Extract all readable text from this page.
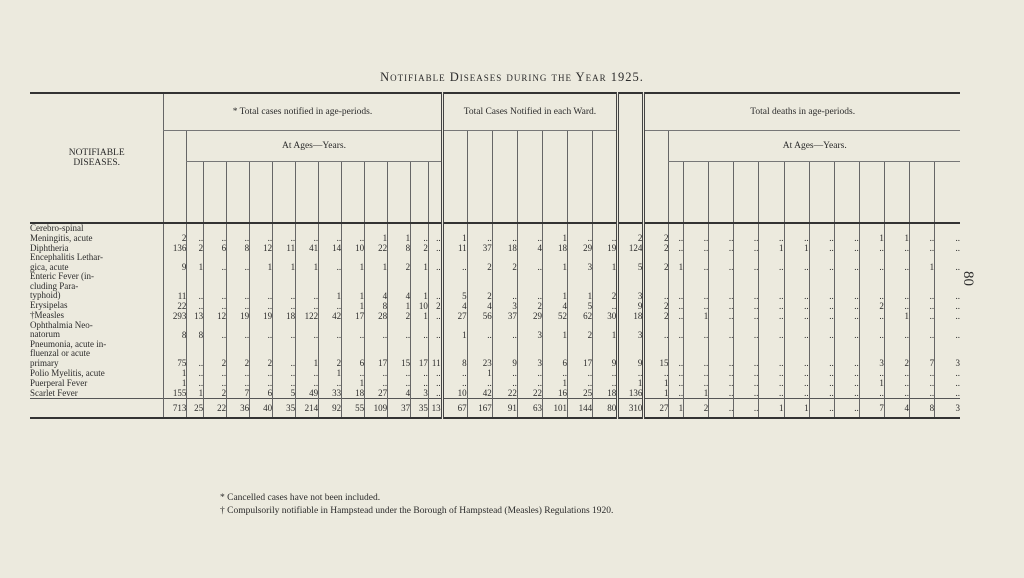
Notifiable Diseases during the Year 1925.
80
NOTIFIABLE
DISEASES.	* Total cases notified in age-periods.													Total Cases Notified in each Ward.								Total deaths in age-periods.												

	At Ages—Years.																					At Ages—Years.											

Cerebro-spinal
Meningitis, acute	2	..	..	..	..	..	..	..	..	1	1	..	..	1	..	..	..	1	..	..	2	2	..	..	..	..	..	..	..	..	1	1	..	..
Diphtheria	136	2	6	8	12	11	41	14	10	22	8	2	..	11	37	18	4	18	29	19	124	2	..	..	..	..	1	1	..	..	..	..	..	..
Encephalitis Lethar-
gica, acute	9	1	..	..	1	1	1	..	1	1	2	1	..	..	2	2	..	1	3	1	5	2	1	..	..	..	..	..	..	..	..	..	1	..
Enteric Fever (in-
cluding Para-
typhoid)	11	..	..	..	..	..	..	1	1	4	4	1	..	5	2	..	..	1	1	2	3	..	..	..	..	..	..	..	..	..	..	..	..	..
Erysipelas	22	..	..	..	..	..	..	..	1	8	1	10	2	4	4	3	2	4	5	..	9	2	..	..	..	..	..	..	..	..	2	..	..	..
†Measles	293	13	12	19	19	18	122	42	17	28	2	1	..	27	56	37	29	52	62	30	18	2	..	1	..	..	..	..	..	..	..	1	..	..
Ophthalmia Neo-
natorum	8	8	..	..	..	..	..	..	..	..	..	..	..	1	..	..	3	1	2	1	3	..	..	..	..	..	..	..	..	..	..	..	..	..
Pneumonia, acute in-
fluenzal or acute
primary	75	..	2	2	2	..	1	2	6	17	15	17	11	8	23	9	3	6	17	9	9	15	..	..	..	..	..	..	..	..	3	2	7	3
Polio Myelitis, acute	1	..	..	..	..	..	..	1	..	..	..	..	..	..	1	..	..	..	..	..	..	..	..	..	..	..	..	..	..	..	..	..	..	..
Puerperal Fever	1	..	..	..	..	..	..	..	1	..	..	..	..	..	..	..	..	1	..	..	1	1	..	..	..	..	..	..	..	..	1	..	..	..
Scarlet Fever	155	1	2	7	6	5	49	33	18	27	4	3	..	10	42	22	22	16	25	18	136	1	..	1	..	..	..	..	..	..	..	..	..	..
	713	25	22	36	40	35	214	92	55	109	37	35	13	67	167	91	63	101	144	80	310	27	1	2	..	..	1	1	..	..	7	4	8	3
* Cancelled cases have not been included.
† Compulsorily notifiable in Hampstead under the Borough of Hampstead (Measles) Regulations 1920.
